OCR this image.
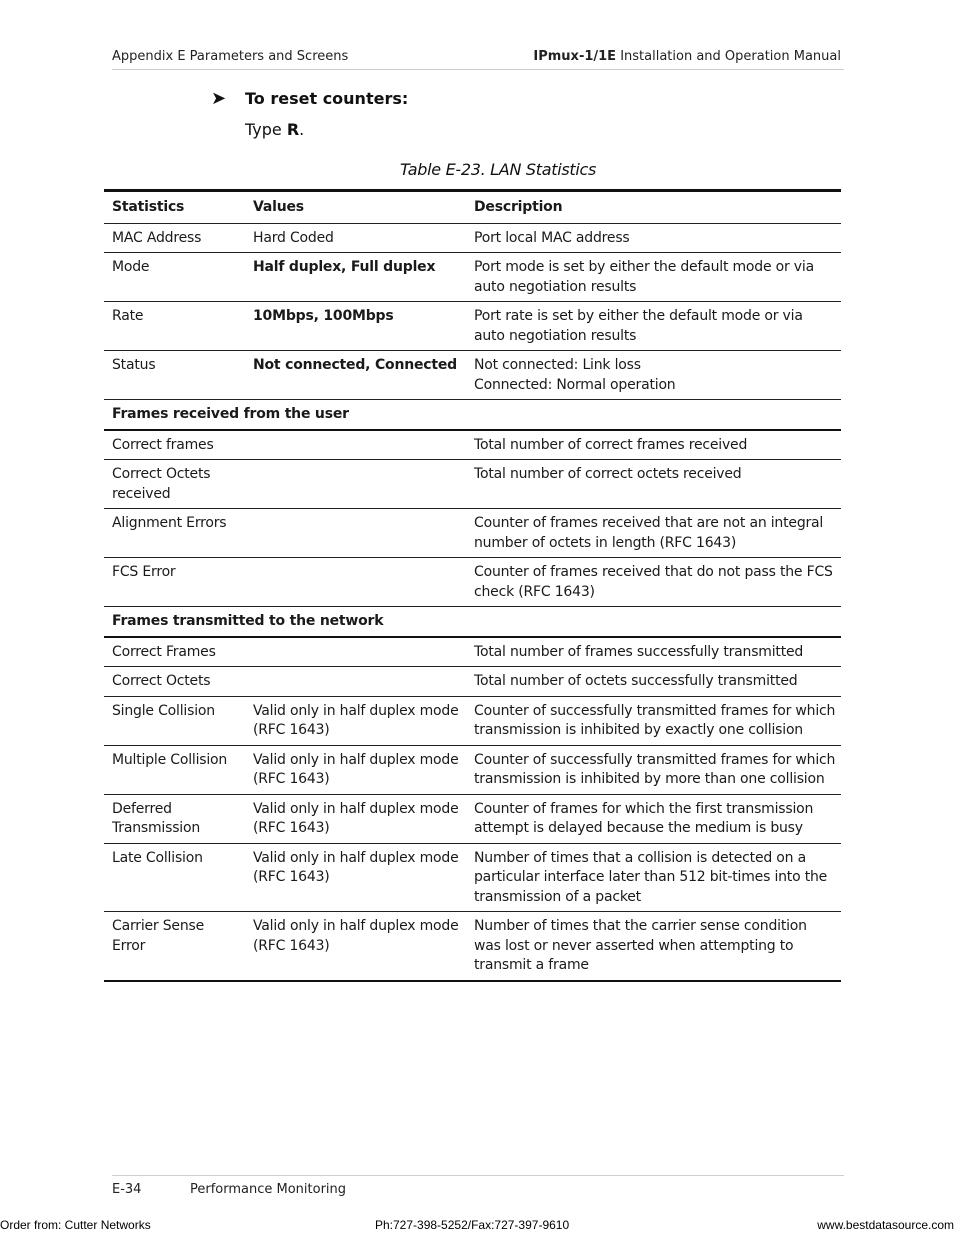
Appendix E Parameters and Screens	IPmux-1/1E Installation and Operation Manual
➤ To reset counters:
Type R.
Table E-23. LAN Statistics
Statistics	Values	Description
MAC Address	Hard Coded	Port local MAC address
Mode	Half duplex, Full duplex	Port mode is set by either the default mode or via auto negotiation results
Rate	10Mbps, 100Mbps	Port rate is set by either the default mode or via auto negotiation results
Status	Not connected, Connected	Not connected: Link loss
Connected: Normal operation

Frames received from the user		
Correct frames		Total number of correct frames received
Correct Octets received		Total number of correct octets received
Alignment Errors		Counter of frames received that are not an integral number of octets in length (RFC 1643)
FCS Error		Counter of frames received that do not pass the FCS check (RFC 1643)
Frames transmitted to the network		
Correct Frames		Total number of frames successfully transmitted
Correct Octets		Total number of octets successfully transmitted
Single Collision	Valid only in half duplex mode (RFC 1643)	Counter of successfully transmitted frames for which transmission is inhibited by exactly one collision
Multiple Collision	Valid only in half duplex mode (RFC 1643)	Counter of successfully transmitted frames for which transmission is inhibited by more than one collision
Deferred Transmission	Valid only in half duplex mode (RFC 1643)	Counter of frames for which the first transmission attempt is delayed because the medium is busy
Late Collision	Valid only in half duplex mode (RFC 1643)	Number of times that a collision is detected on a particular interface later than 512 bit-times into the transmission of a packet
Carrier Sense Error	Valid only in half duplex mode (RFC 1643)	Number of times that the carrier sense condition was lost or never asserted when attempting to transmit a frame
E-34	Performance Monitoring
Order from: Cutter Networks	Ph:727-398-5252/Fax:727-397-9610	www.bestdatasource.com
